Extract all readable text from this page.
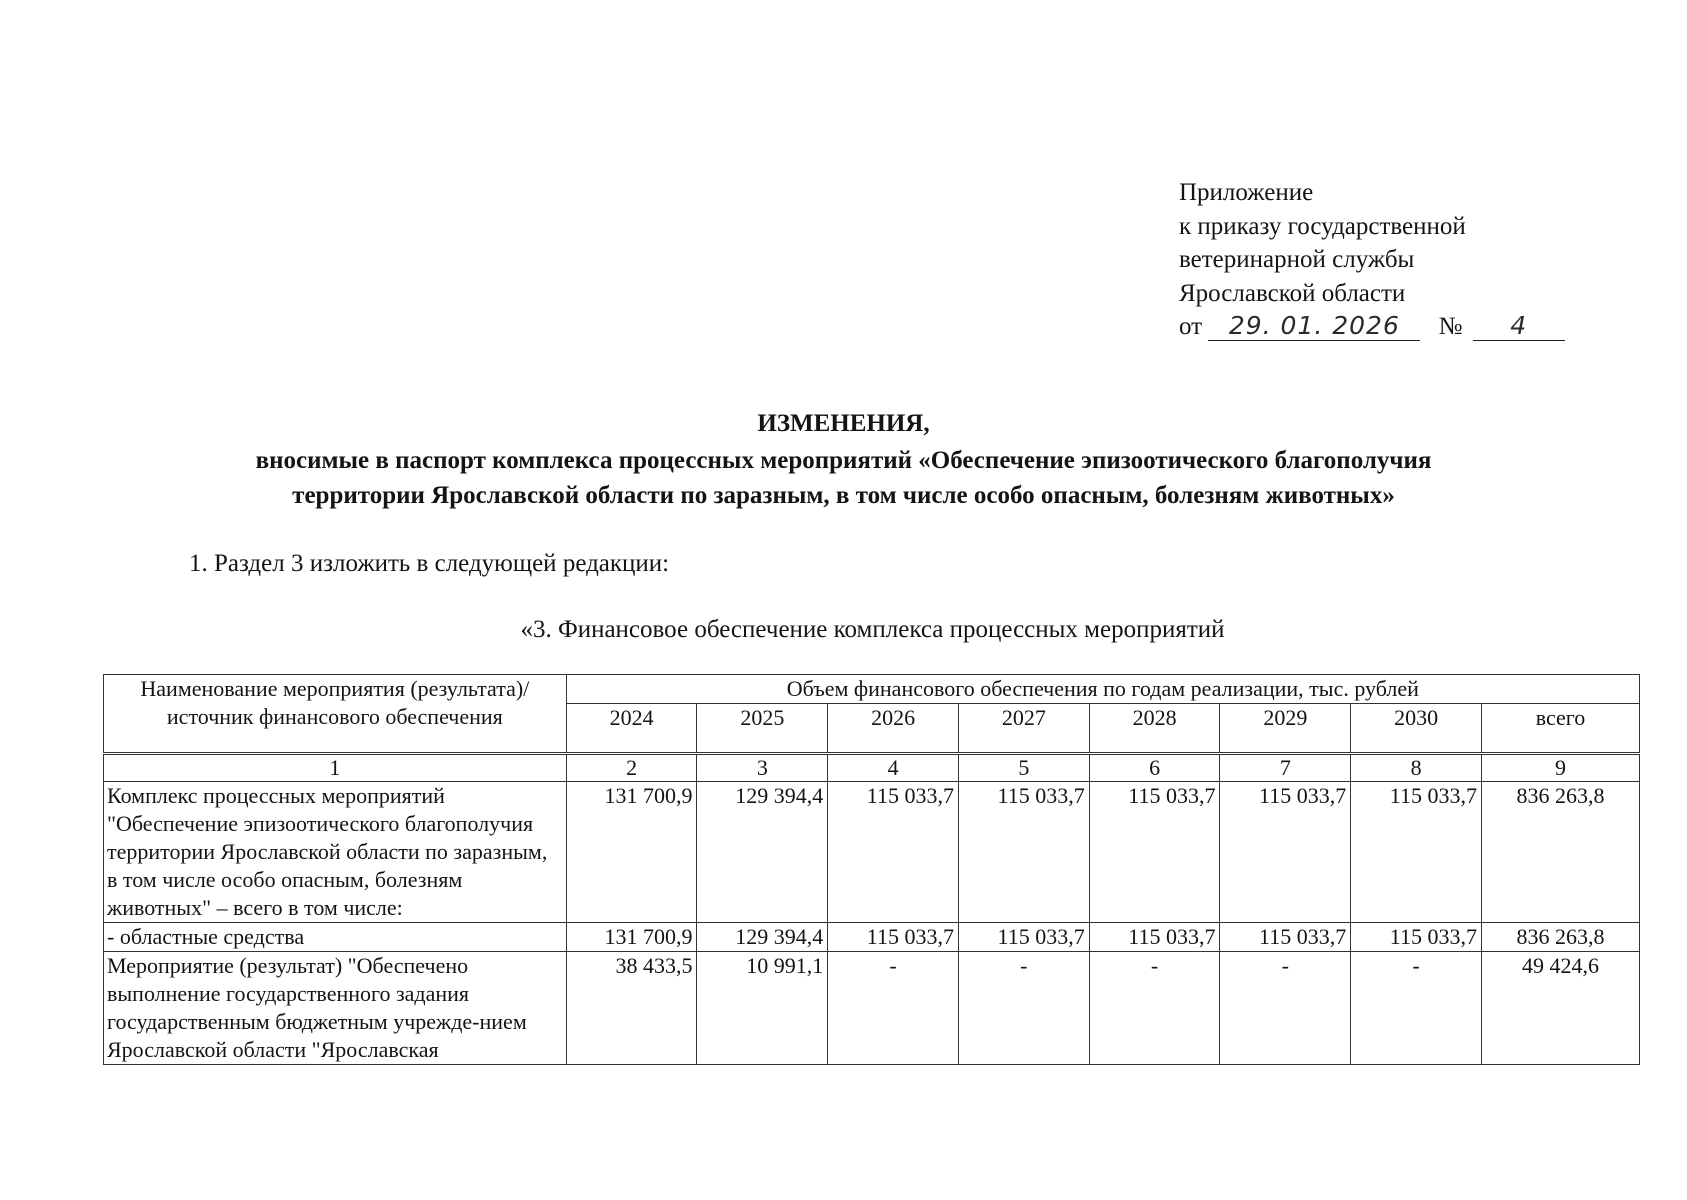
Приложение
к приказу государственной
ветеринарной службы
Ярославской области
от 29. 01. 2026 № 4
ИЗМЕНЕНИЯ,
вносимые в паспорт комплекса процессных мероприятий «Обеспечение эпизоотического благополучия
территории Ярославской области по заразным, в том числе особо опасным, болезням животных»
1. Раздел 3 изложить в следующей редакции:
«3. Финансовое обеспечение комплекса процессных мероприятий
Наименование мероприятия (результата)/ источник финансового обеспечения	Объем финансового обеспечения по годам реализации, тыс. рублей							
	2024	2025	2026	2027	2028	2029	2030	всего

1	2	3	4	5	6	7	8	9
Комплекс процессных мероприятий "Обеспечение эпизоотического благополучия территории Ярославской области по заразным, в том числе особо опасным, болезням животных" – всего в том числе:	131 700,9	129 394,4	115 033,7	115 033,7	115 033,7	115 033,7	115 033,7	836 263,8
- областные средства	131 700,9	129 394,4	115 033,7	115 033,7	115 033,7	115 033,7	115 033,7	836 263,8
Мероприятие (результат) "Обеспечено выполнение государственного задания государственным бюджетным учрежде-нием Ярославской области "Ярославская	38 433,5	10 991,1	-	-	-	-	-	49 424,6
